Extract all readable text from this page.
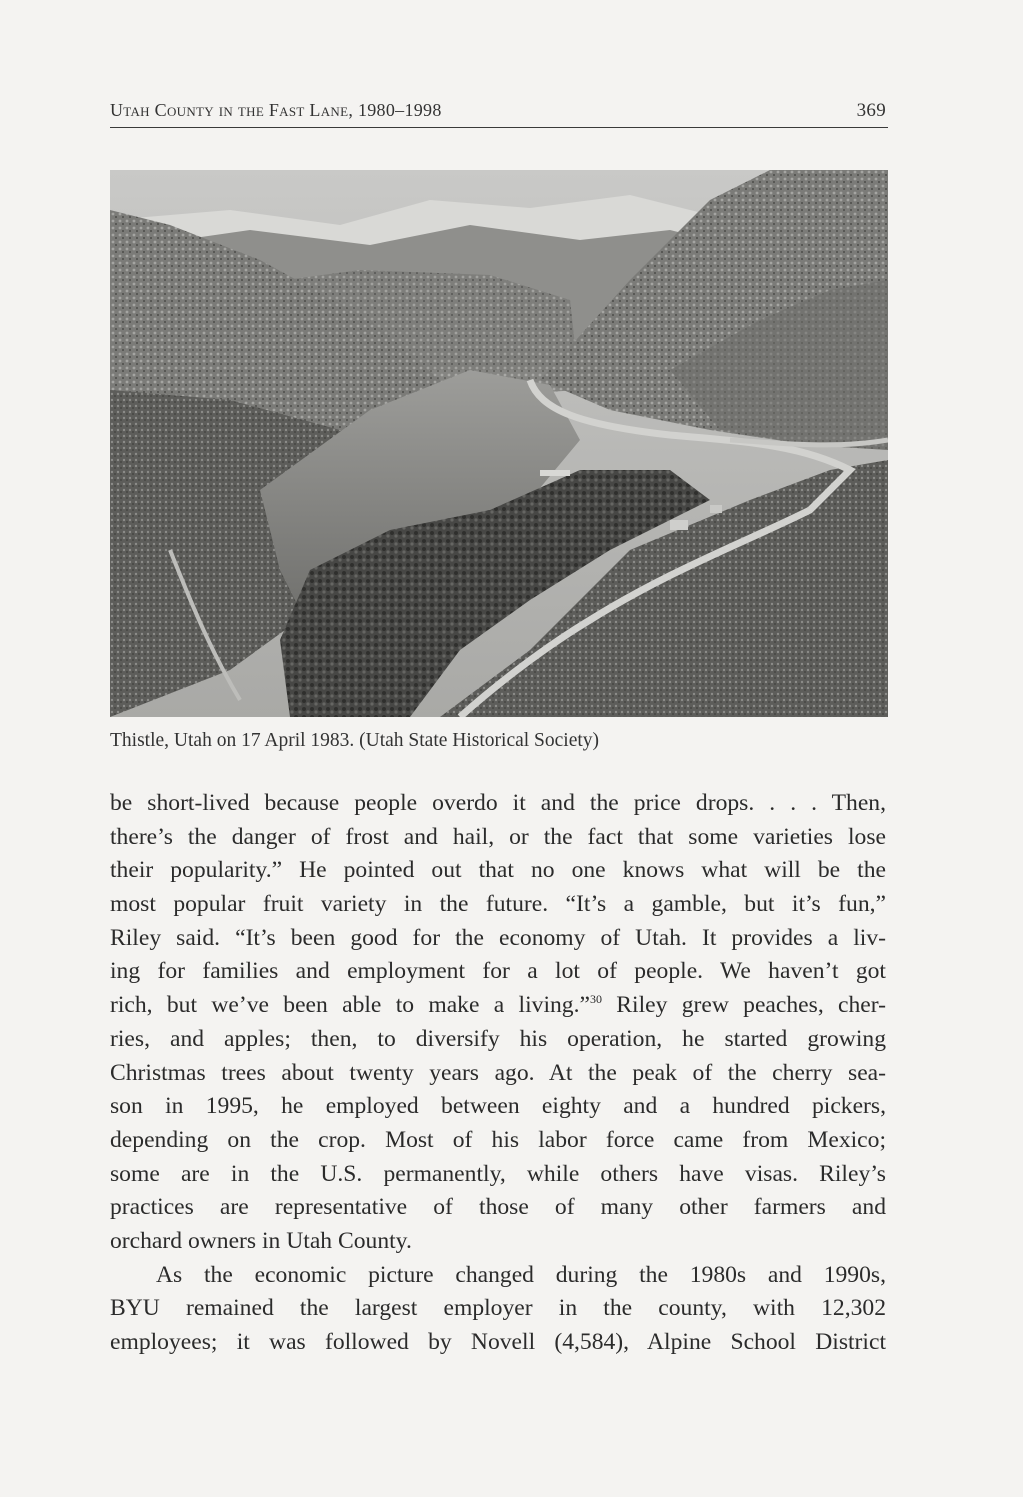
Utah County in the Fast Lane, 1980–1998	369
Thistle, Utah on 17 April 1983. (Utah State Historical Society)
be short-lived because people overdo it and the price drops. . . . Then,
there’s the danger of frost and hail, or the fact that some varieties lose
their popularity.” He pointed out that no one knows what will be the
most popular fruit variety in the future. “It’s a gamble, but it’s fun,”
Riley said. “It’s been good for the economy of Utah. It provides a liv-
ing for families and employment for a lot of people. We haven’t got
rich, but we’ve been able to make a living.”$^{30}$ Riley grew peaches, cher-
ries, and apples; then, to diversify his operation, he started growing
Christmas trees about twenty years ago. At the peak of the cherry sea-
son in 1995, he employed between eighty and a hundred pickers,
depending on the crop. Most of his labor force came from Mexico;
some are in the U.S. permanently, while others have visas. Riley’s
practices are representative of those of many other farmers and
orchard owners in Utah County.
As the economic picture changed during the 1980s and 1990s,
BYU remained the largest employer in the county, with 12,302
employees; it was followed by Novell (4,584), Alpine School District
